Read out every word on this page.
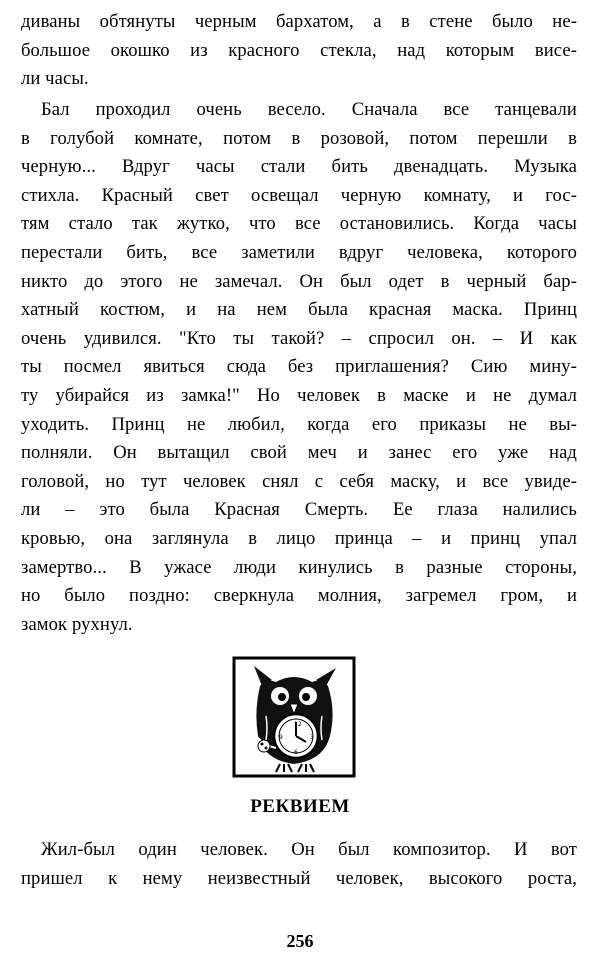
диваны обтянуты черным бархатом, а в стене было не-
большое окошко из красного стекла, над которым висе-
ли часы.
Бал проходил очень весело. Сначала все танцевали
в голубой комнате, потом в розовой, потом перешли в
черную... Вдруг часы стали бить двенадцать. Музыка
стихла. Красный свет освещал черную комнату, и гос-
тям стало так жутко, что все остановились. Когда часы
перестали бить, все заметили вдруг человека, которого
никто до этого не замечал. Он был одет в черный бар-
хатный костюм, и на нем была красная маска. Принц
очень удивился. "Кто ты такой? – спросил он. – И как
ты посмел явиться сюда без приглашения? Сию мину-
ту убирайся из замка!" Но человек в маске и не думал
уходить. Принц не любил, когда его приказы не вы-
полняли. Он вытащил свой меч и занес его уже над
головой, но тут человек снял с себя маску, и все увиде-
ли – это была Красная Смерть. Ее глаза налились
кровью, она заглянула в лицо принца – и принц упал
замертво... В ужасе люди кинулись в разные стороны,
но было поздно: сверкнула молния, загремел гром, и
замок рухнул.
12
3
6
9
РЕКВИЕМ
Жил-был один человек. Он был композитор. И вот
пришел к нему неизвестный человек, высокого роста,
256
